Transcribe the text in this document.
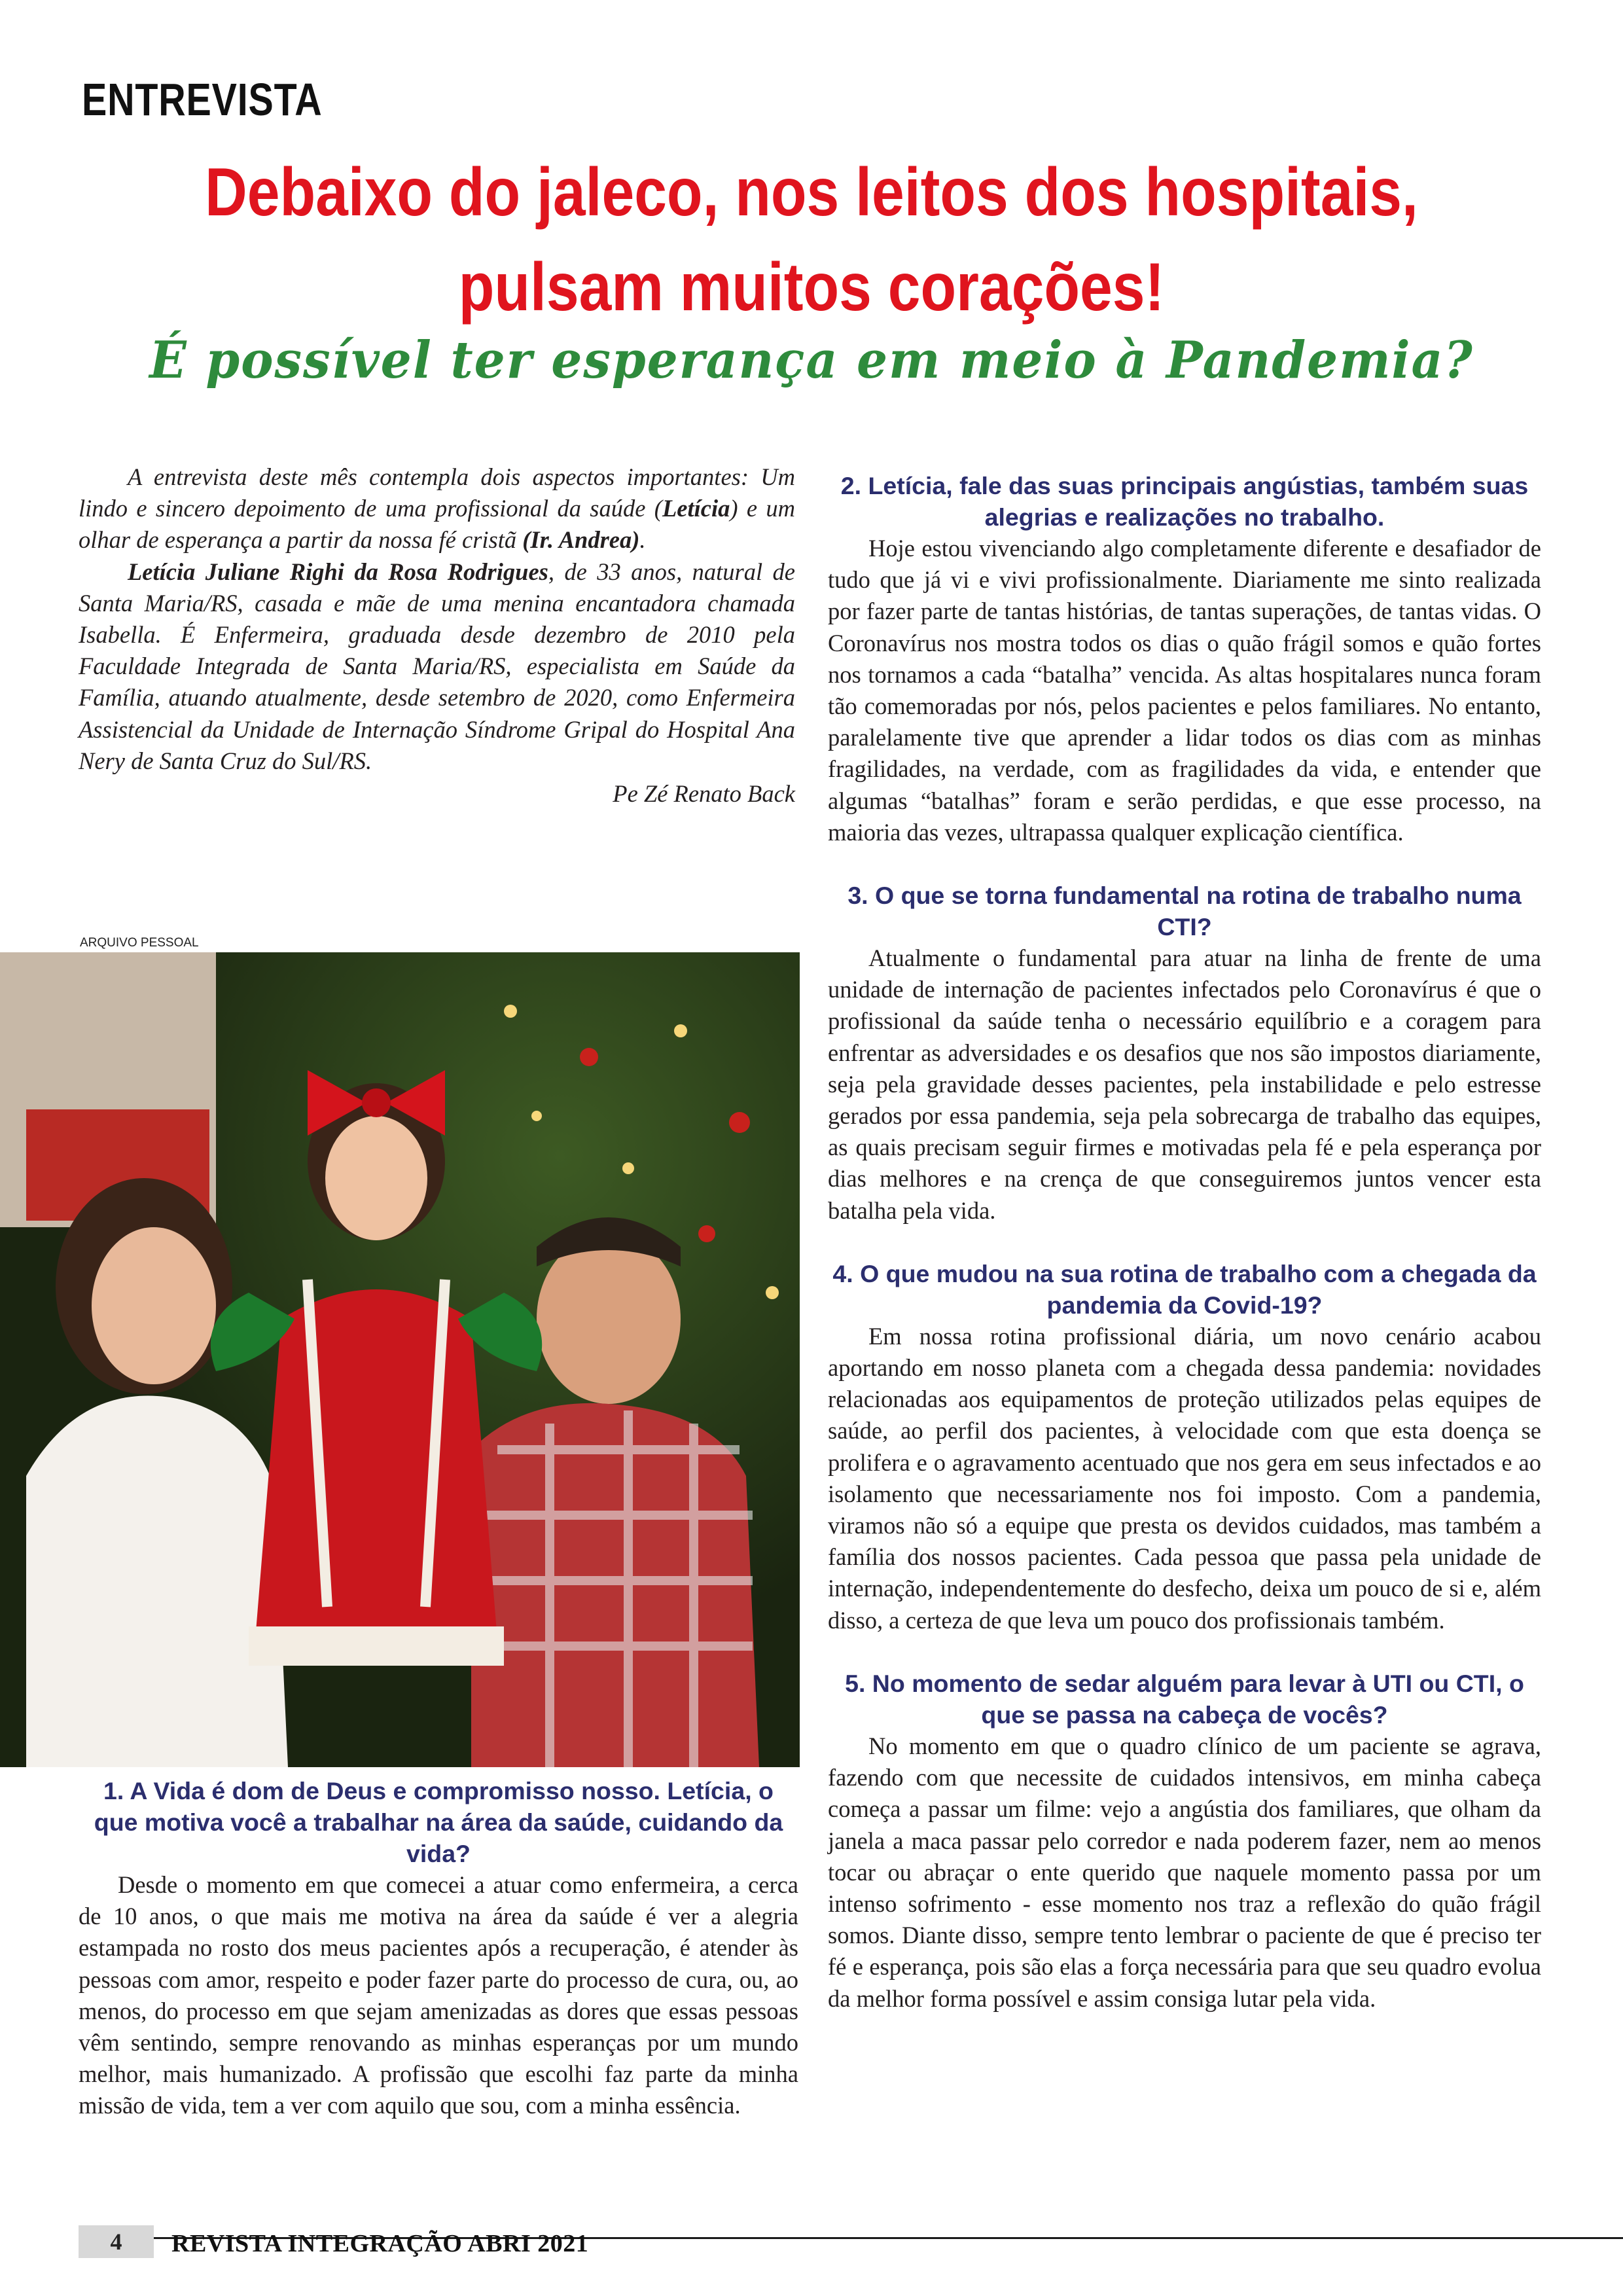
ENTREVISTA
Debaixo do jaleco, nos leitos dos hospitais,
pulsam muitos corações!
É possível ter esperança em meio à Pandemia?

A entrevista deste mês contempla dois aspectos importantes: Um lindo e sincero depoimento de uma profissional da saúde (Letícia) e um olhar de esperança a partir da nossa fé cristã (Ir. Andrea).

Letícia Juliane Righi da Rosa Rodrigues, de 33 anos, natural de Santa Maria/RS, casada e mãe de uma menina encantadora chamada Isabella. É Enfermeira, graduada desde dezembro de 2010 pela Faculdade Integrada de Santa Maria/RS, especialista em Saúde da Família, atuando atualmente, desde setembro de 2020, como Enfermeira Assistencial da Unidade de Internação Síndrome Gripal do Hospital Ana Nery de Santa Cruz do Sul/RS.

Pe Zé Renato Back

ARQUIVO PESSOAL
1. A Vida é dom de Deus e compromisso nosso. Letícia, o que motiva você a trabalhar na área da saúde, cuidando da vida?

Desde o momento em que comecei a atuar como enfermeira, a cerca de 10 anos, o que mais me motiva na área da saúde é ver a alegria estampada no rosto dos meus pacientes após a recuperação, é atender às pessoas com amor, respeito e poder fazer parte do processo de cura, ou, ao menos, do processo em que sejam amenizadas as dores que essas pessoas vêm sentindo, sempre renovando as minhas esperanças por um mundo melhor, mais humanizado. A profissão que escolhi faz parte da minha missão de vida, tem a ver com aquilo que sou, com a minha essência.

2. Letícia, fale das suas principais angústias, também suas alegrias e realizações no trabalho.

Hoje estou vivenciando algo completamente diferente e desafiador de tudo que já vi e vivi profissionalmente. Diariamente me sinto realizada por fazer parte de tantas histórias, de tantas superações, de tantas vidas. O Coronavírus nos mostra todos os dias o quão frágil somos e quão fortes nos tornamos a cada “batalha” vencida. As altas hospitalares nunca foram tão comemoradas por nós, pelos pacientes e pelos familiares. No entanto, paralelamente tive que aprender a lidar todos os dias com as minhas fragilidades, na verdade, com as fragilidades da vida, e entender que algumas “batalhas” foram e serão perdidas, e que esse processo, na maioria das vezes, ultrapassa qualquer explicação científica.

3. O que se torna fundamental na rotina de trabalho numa CTI?

Atualmente o fundamental para atuar na linha de frente de uma unidade de internação de pacientes infectados pelo Coronavírus é que o profissional da saúde tenha o necessário equilíbrio e a coragem para enfrentar as adversidades e os desafios que nos são impostos diariamente, seja pela gravidade desses pacientes, pela instabilidade e pelo estresse gerados por essa pandemia, seja pela sobrecarga de trabalho das equipes, as quais precisam seguir firmes e motivadas pela fé e pela esperança por dias melhores e na crença de que conseguiremos juntos vencer esta batalha pela vida.

4. O que mudou na sua rotina de trabalho com a chegada da pandemia da Covid-19?

Em nossa rotina profissional diária, um novo cenário acabou aportando em nosso planeta com a chegada dessa pandemia: novidades relacionadas aos equipamentos de proteção utilizados pelas equipes de saúde, ao perfil dos pacientes, à velocidade com que esta doença se prolifera e o agravamento acentuado que nos gera em seus infectados e ao isolamento que necessariamente nos foi imposto. Com a pandemia, viramos não só a equipe que presta os devidos cuidados, mas também a família dos nossos pacientes. Cada pessoa que passa pela unidade de internação, independentemente do desfecho, deixa um pouco de si e, além disso, a certeza de que leva um pouco dos profissionais também.

5. No momento de sedar alguém para levar à UTI ou CTI, o que se passa na cabeça de vocês?

No momento em que o quadro clínico de um paciente se agrava, fazendo com que necessite de cuidados intensivos, em minha cabeça começa a passar um filme: vejo a angústia dos familiares, que olham da janela a maca passar pelo corredor e nada poderem fazer, nem ao menos tocar ou abraçar o ente querido que naquele momento passa por um intenso sofrimento - esse momento nos traz a reflexão do quão frágil somos. Diante disso, sempre tento lembrar o paciente de que é preciso ter fé e esperança, pois são elas a força necessária para que seu quadro evolua da melhor forma possível e assim consiga lutar pela vida.

4	REVISTA INTEGRAÇÃO ABRI 2021
